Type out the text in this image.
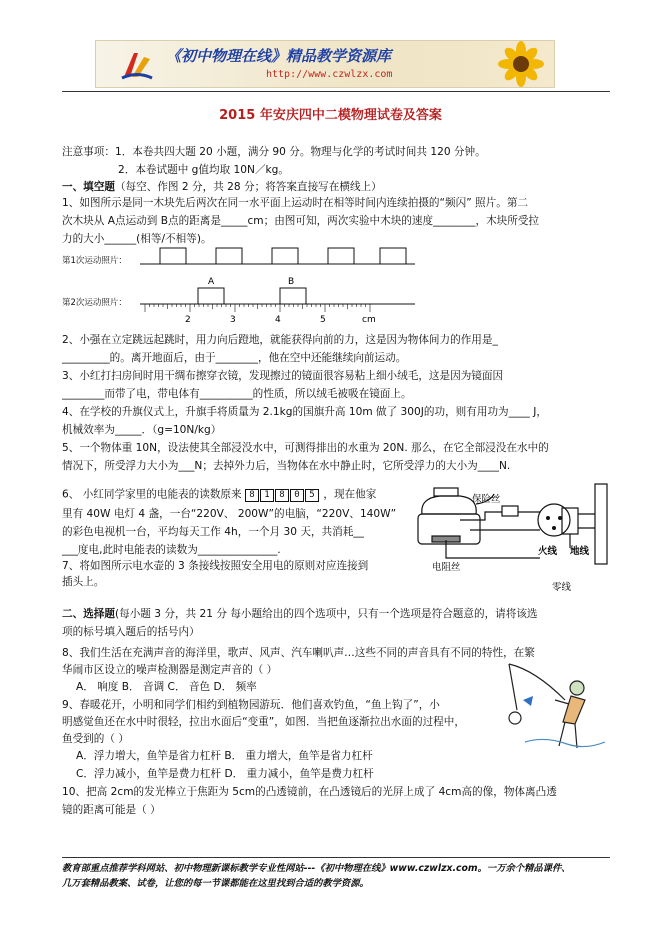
《初中物理在线》精品教学资源库
http://www.czwlzx.com
2015 年安庆四中二模物理试卷及答案
注意事项：1．本卷共四大题 20 小题，满分 90 分。物理与化学的考试时间共 120 分钟。
2．本卷试题中 g值均取 10N／kg。
一、填空题（每空、作图 2 分，共 28 分；将答案直接写在横线上）
1、如图所示是同一木块先后两次在同一水平面上运动时在相等时间内连续拍摄的“频闪” 照片。第二
次木块从 A点运动到 B点的距离是_____cm；由图可知，两次实验中木块的速度________，木块所受拉
力的大小______(相等/不相等)。
第1次运动照片：
第2次运动照片：
A	B
2	3	4	5	cm
2、小强在立定跳远起跳时，用力向后蹬地，就能获得向前的力，这是因为物体间力的作用是_
_________的。离开地面后，由于________，他在空中还能继续向前运动。
3、小红打扫房间时用干绸布擦穿衣镜，发现擦过的镜面很容易粘上细小绒毛，这是因为镜面因
________而带了电，带电体有__________的性质，所以绒毛被吸在镜面上。
4、在学校的升旗仪式上，升旗手将质量为 2.1kg的国旗升高 10m 做了 300J的功，则有用功为____ J，
机械效率为_____．（g=10N/kg）
5、一个物体重 10N，设法使其全部浸没水中，可测得排出的水重为 20N. 那么，在它全部浸没在水中的
情况下，所受浮力大小为___N；去掉外力后，当物体在水中静止时，它所受浮力的大小为____N.
6、 小红同学家里的电能表的读数原来 8 1 8 0 5 ，现在他家
里有 40W 电灯 4 盏，一台“220V、 200W”的电脑，“220V、140W”
的彩色电视机一台，平均每天工作 4h，一个月 30 天，共消耗__
___度电,此时电能表的读数为_______________.
7、将如图所示电水壶的 3 条接线按照安全用电的原则对应连接到
插头上。
保险丝
电阻丝
火线 地线
零线
二、选择题(每小题 3 分，共 21 分 每小题给出的四个选项中，只有一个选项是符合题意的，请将该选
项的标号填入题后的括号内）
8、我们生活在充满声音的海洋里，歌声、风声、汽车喇叭声…这些不同的声音具有不同的特性，在繁
华闹市区设立的噪声检测器是测定声音的（ ）
A． 响度 B． 音调 C． 音色 D． 频率
9、春暖花开，小明和同学们相约到植物园游玩．他们喜欢钓鱼，“鱼上钩了”，小
明感觉鱼还在水中时很轻，拉出水面后“变重”，如图．当把鱼逐渐拉出水面的过程中，
鱼受到的（ ）
A．浮力增大，鱼竿是省力杠杆 B． 重力增大，鱼竿是省力杠杆
C．浮力减小，鱼竿是费力杠杆 D． 重力减小，鱼竿是费力杠杆
10、把高 2cm的发光棒立于焦距为 5cm的凸透镜前，在凸透镜后的光屏上成了 4cm高的像，物体离凸透
镜的距离可能是（ ）
教育部重点推荐学科网站、初中物理新课标教学专业性网站---《初中物理在线》www.czwlzx.com。一万余个精品课件、
几万套精品教案、试卷，让您的每一节课都能在这里找到合适的教学资源。
